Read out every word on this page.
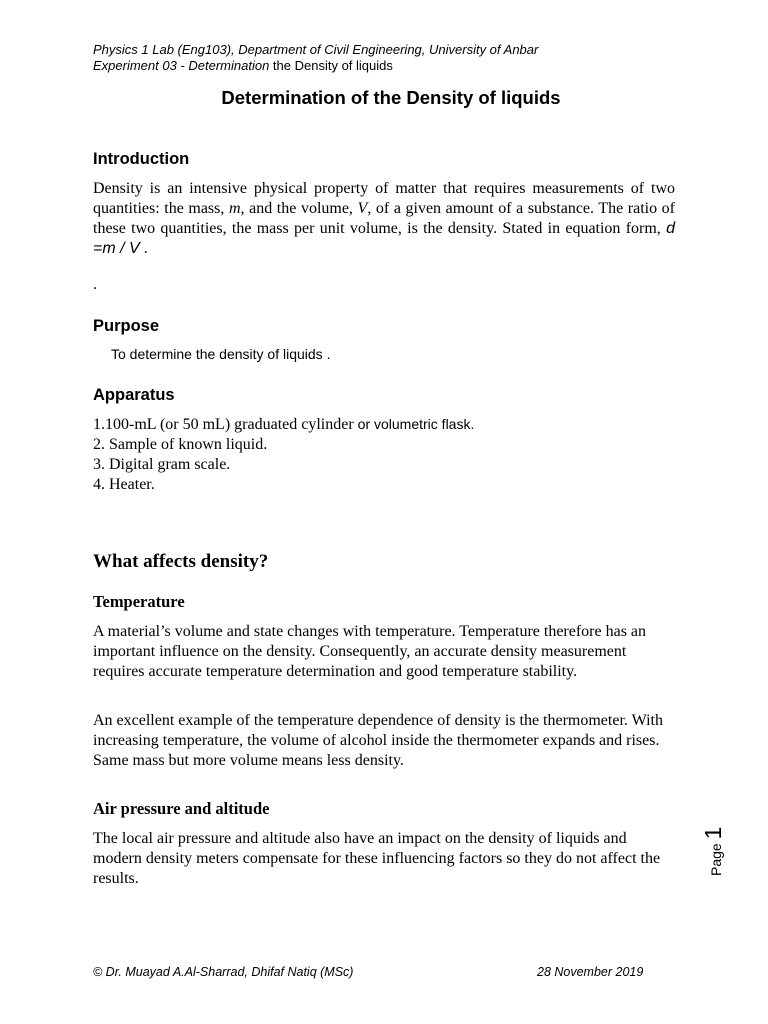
Physics 1 Lab (Eng103), Department of Civil Engineering, University of Anbar
Experiment 03 - Determination the Density of liquids
Determination of the Density of liquids
Introduction
Density is an intensive physical property of matter that requires measurements of two quantities: the mass, m, and the volume, V, of a given amount of a substance. The ratio of these two quantities, the mass per unit volume, is the density. Stated in equation form, d =m / V .
.
Purpose
To determine the density of liquids .
Apparatus
1.100-mL (or 50 mL) graduated cylinder or volumetric flask.
2. Sample of known liquid.
3. Digital gram scale.
4. Heater.
What affects density?
Temperature
A material’s volume and state changes with temperature. Temperature therefore has an important influence on the density. Consequently, an accurate density measurement requires accurate temperature determination and good temperature stability.
An excellent example of the temperature dependence of density is the thermometer. With increasing temperature, the volume of alcohol inside the thermometer expands and rises. Same mass but more volume means less density.
Air pressure and altitude
The local air pressure and altitude also have an impact on the density of liquids and modern density meters compensate for these influencing factors so they do not affect the results.
Page 1
© Dr. Muayad A.Al-Sharrad, Dhifaf Natiq (MSc)	28 November 2019
